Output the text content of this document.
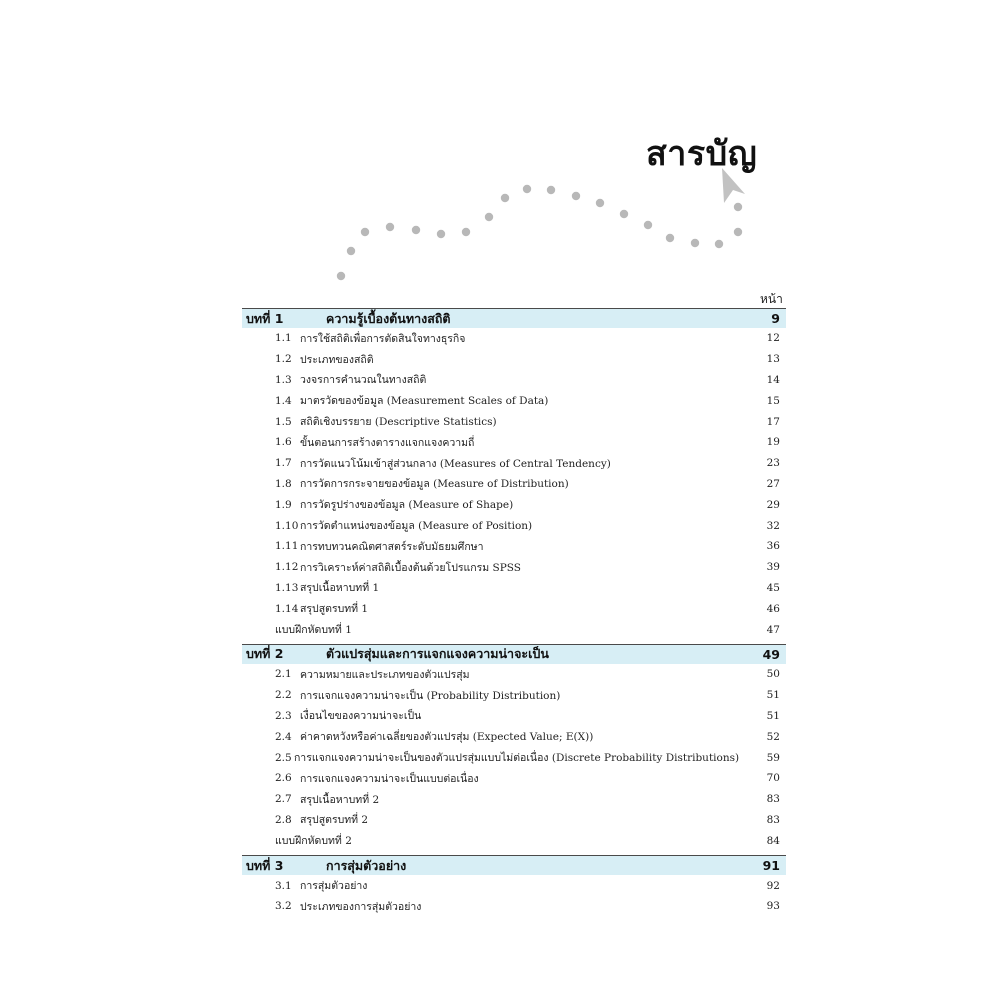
สารบัญ
หน้า
บทที่ 1	ความรู้เบื้องต้นทางสถิติ	9
1.1 การใช้สถิติเพื่อการตัดสินใจทางธุรกิจ	12
1.2 ประเภทของสถิติ	13
1.3 วงจรการคำนวณในทางสถิติ	14
1.4 มาตรวัดของข้อมูล (Measurement Scales of Data)	15
1.5 สถิติเชิงบรรยาย (Descriptive Statistics)	17
1.6 ขั้นตอนการสร้างตารางแจกแจงความถี่	19
1.7 การวัดแนวโน้มเข้าสู่ส่วนกลาง (Measures of Central Tendency)	23
1.8 การวัดการกระจายของข้อมูล (Measure of Distribution)	27
1.9 การวัดรูปร่างของข้อมูล (Measure of Shape)	29
1.10 การวัดตำแหน่งของข้อมูล (Measure of Position)	32
1.11 การทบทวนคณิตศาสตร์ระดับมัธยมศึกษา	36
1.12 การวิเคราะห์ค่าสถิติเบื้องต้นด้วยโปรแกรม SPSS	39
1.13 สรุปเนื้อหาบทที่ 1	45
1.14 สรุปสูตรบทที่ 1	46
แบบฝึกหัดบทที่ 1	47
บทที่ 2	ตัวแปรสุ่มและการแจกแจงความน่าจะเป็น	49
2.1 ความหมายและประเภทของตัวแปรสุ่ม	50
2.2 การแจกแจงความน่าจะเป็น (Probability Distribution)	51
2.3 เงื่อนไขของความน่าจะเป็น	51
2.4 ค่าคาดหวังหรือค่าเฉลี่ยของตัวแปรสุ่ม (Expected Value; E(X))	52
2.5 การแจกแจงความน่าจะเป็นของตัวแปรสุ่มแบบไม่ต่อเนื่อง (Discrete Probability Distributions)	59
2.6 การแจกแจงความน่าจะเป็นแบบต่อเนื่อง	70
2.7 สรุปเนื้อหาบทที่ 2	83
2.8 สรุปสูตรบทที่ 2	83
แบบฝึกหัดบทที่ 2	84
บทที่ 3	การสุ่มตัวอย่าง	91
3.1 การสุ่มตัวอย่าง	92
3.2 ประเภทของการสุ่มตัวอย่าง	93
